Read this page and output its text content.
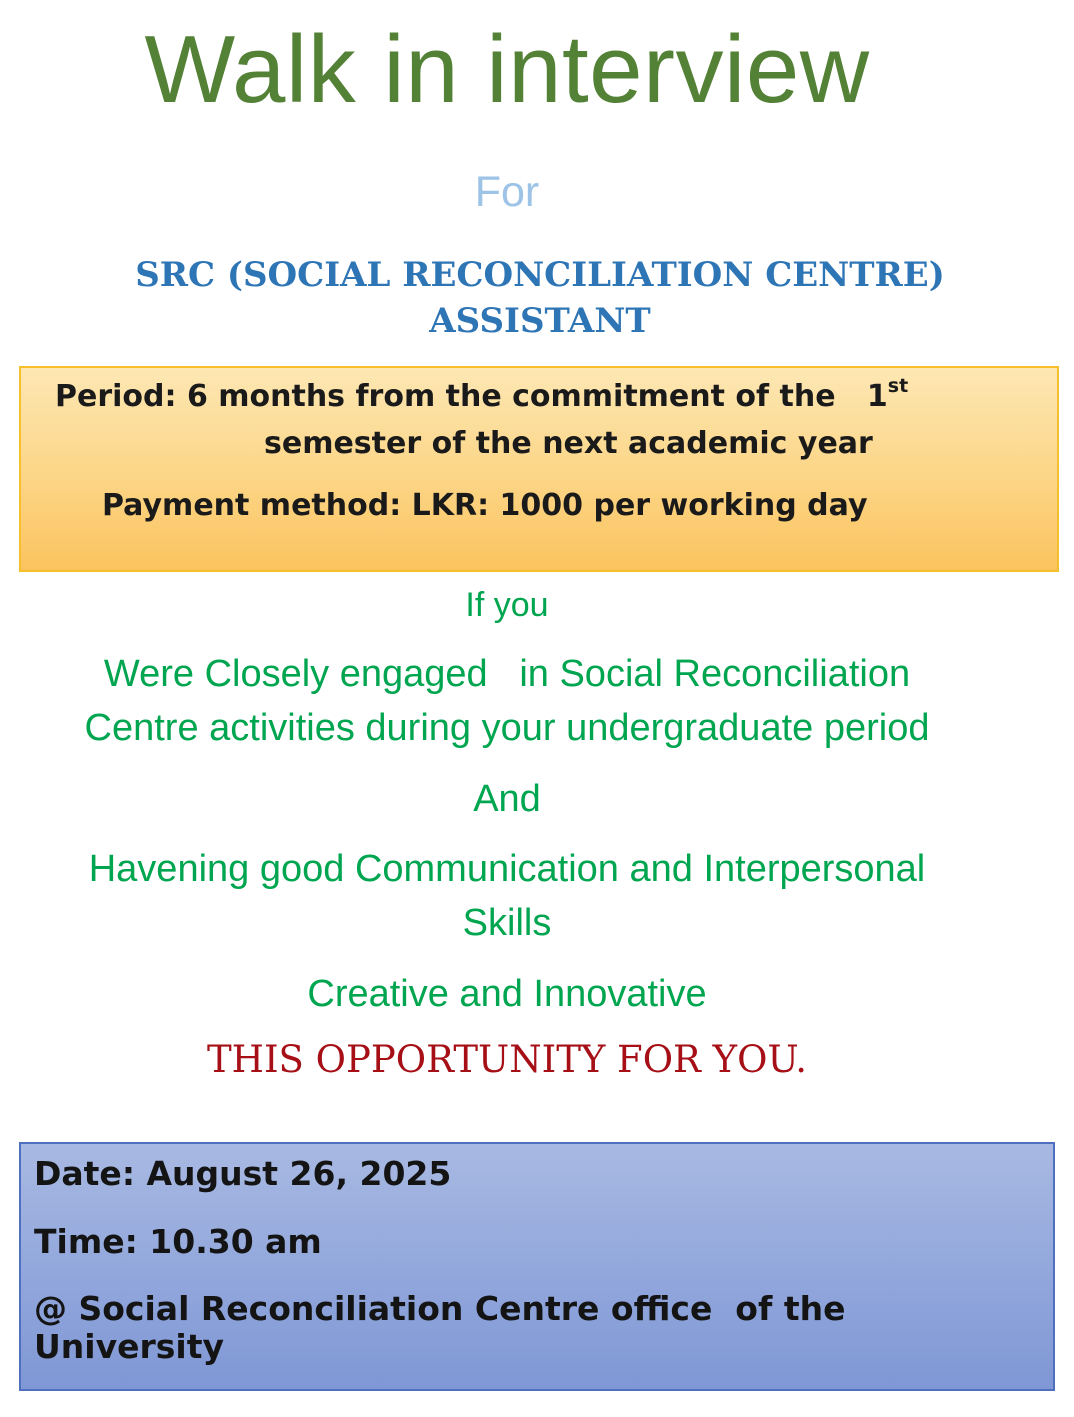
Walk in interview
For
SRC (SOCIAL RECONCILIATION CENTRE)
ASSISTANT
Period: 6 months from the commitment of the   1st
semester of the next academic year
Payment method: LKR: 1000 per working day
If you
Were Closely engaged   in Social Reconciliation
Centre activities during your undergraduate period
And
Havening good Communication and Interpersonal
Skills
Creative and Innovative
THIS OPPORTUNITY FOR YOU.
Date: August 26, 2025
Time: 10.30 am
@ Social Reconciliation Centre office  of the
University
